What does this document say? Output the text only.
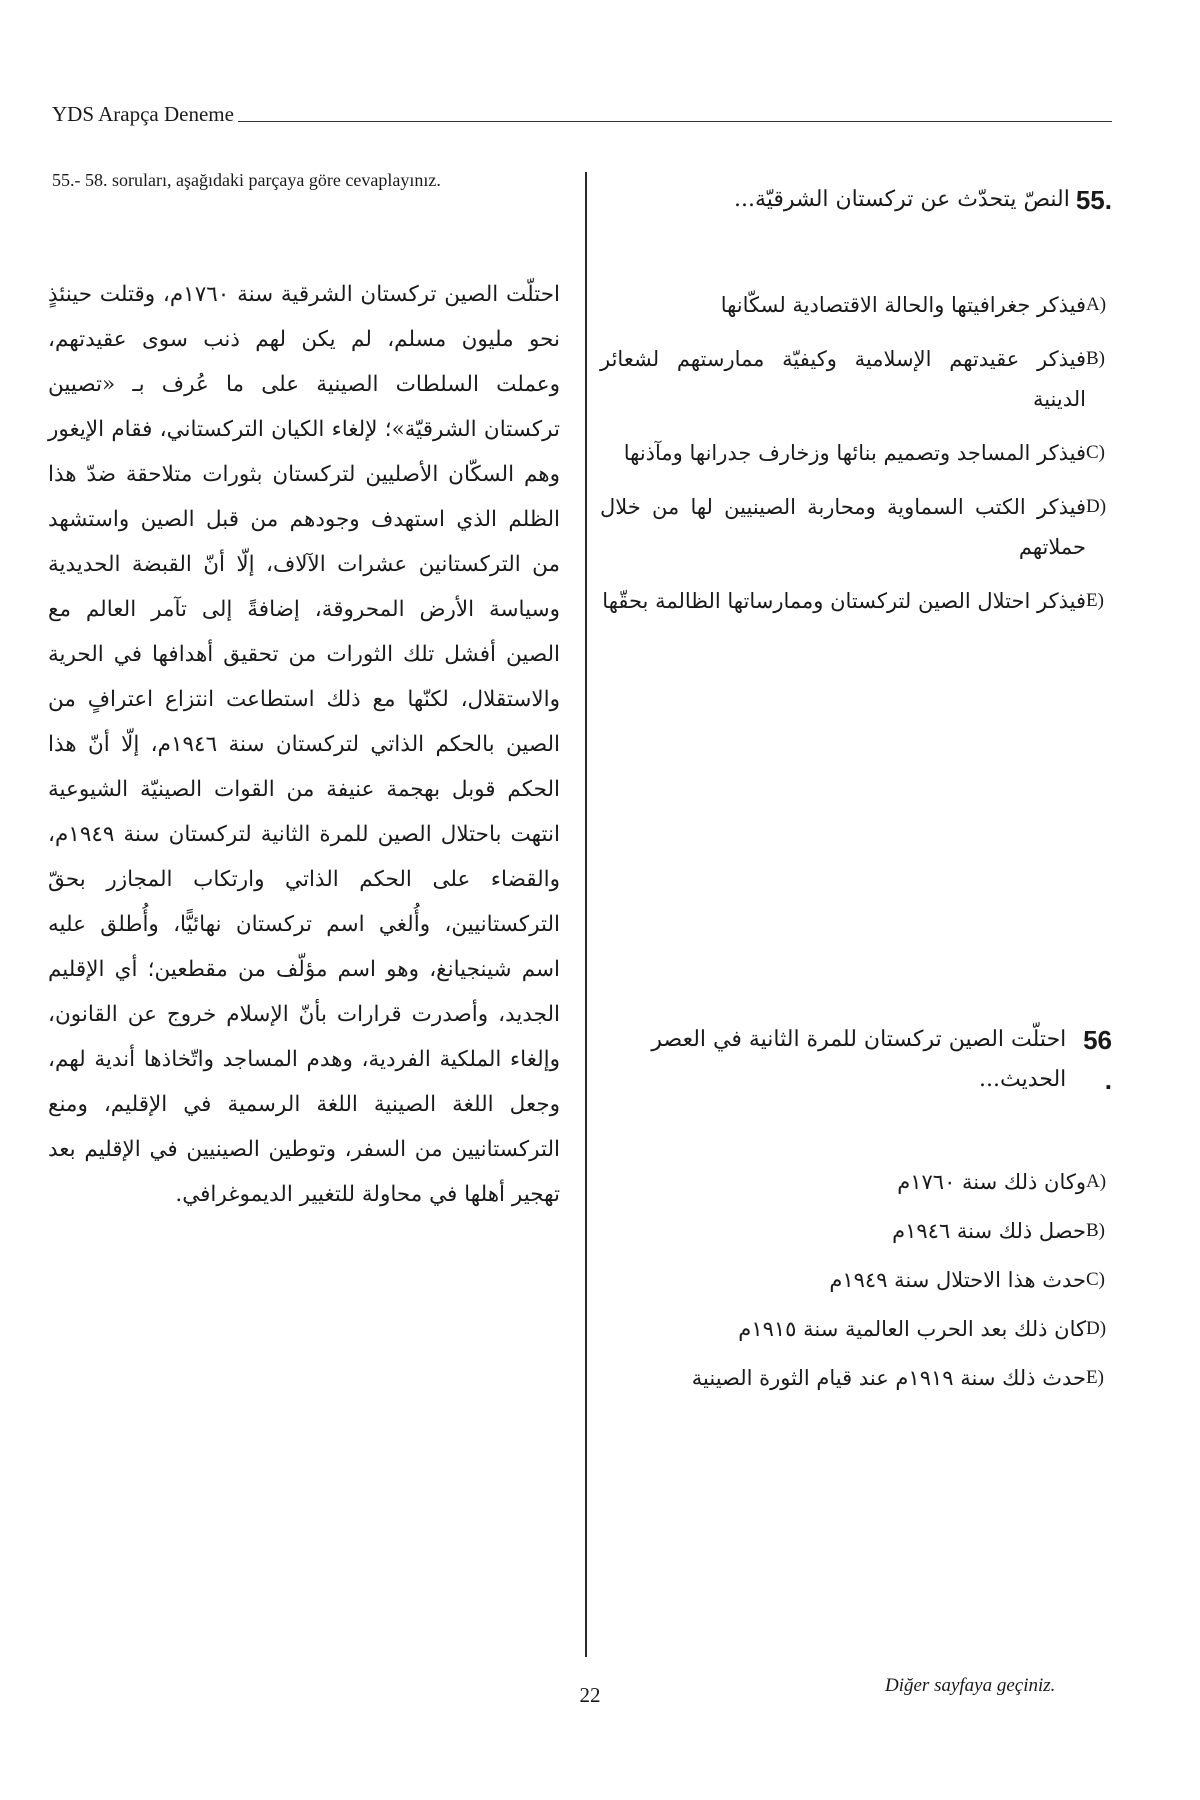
YDS Arapça Deneme
55.- 58. soruları, aşağıdaki parçaya göre cevaplayınız.
احتلّت الصين تركستان الشرقية سنة ١٧٦٠م، وقتلت حينئذٍ نحو مليون مسلم، لم يكن لهم ذنب سوى عقيدتهم، وعملت السلطات الصينية على ما عُرف بـ «تصيين تركستان الشرقيّة»؛ لإلغاء الكيان التركستاني، فقام الإيغور وهم السكّان الأصليين لتركستان بثورات متلاحقة ضدّ هذا الظلم الذي استهدف وجودهم من قبل الصين واستشهد من التركستانين عشرات الآلاف، إلّا أنّ القبضة الحديدية وسياسة الأرض المحروقة، إضافةً إلى تآمر العالم مع الصين أفشل تلك الثورات من تحقيق أهدافها في الحرية والاستقلال، لكنّها مع ذلك استطاعت انتزاع اعترافٍ من الصين بالحكم الذاتي لتركستان سنة ١٩٤٦م، إلّا أنّ هذا الحكم قوبل بهجمة عنيفة من القوات الصينيّة الشيوعية انتهت باحتلال الصين للمرة الثانية لتركستان سنة ١٩٤٩م، والقضاء على الحكم الذاتي وارتكاب المجازر بحقّ التركستانيين، وأُلغي اسم تركستان نهائيًّا، وأُطلق عليه اسم شينجيانغ، وهو اسم مؤلّف من مقطعين؛ أي الإقليم الجديد، وأصدرت قرارات بأنّ الإسلام خروج عن القانون، وإلغاء الملكية الفردية، وهدم المساجد واتّخاذها أندية لهم، وجعل اللغة الصينية اللغة الرسمية في الإقليم، ومنع التركستانيين من السفر، وتوطين الصينيين في الإقليم بعد تهجير أهلها في محاولة للتغيير الديموغرافي.
55.
النصّ يتحدّث عن تركستان الشرقيّة...
A)
فيذكر جغرافيتها والحالة الاقتصادية لسكّانها
B)
فيذكر عقيدتهم الإسلامية وكيفيّة ممارستهم لشعائر الدينية
C)
فيذكر المساجد وتصميم بنائها وزخارف جدرانها ومآذنها
D)
فيذكر الكتب السماوية ومحاربة الصينيين لها من خلال حملاتهم
E)
فيذكر احتلال الصين لتركستان وممارساتها الظالمة بحقّها
56 .
احتلّت الصين تركستان للمرة الثانية في العصر الحديث...
A)
وكان ذلك سنة ١٧٦٠م
B)
حصل ذلك سنة ١٩٤٦م
C)
حدث هذا الاحتلال سنة ١٩٤٩م
D)
كان ذلك بعد الحرب العالمية سنة ١٩١٥م
E)
حدث ذلك سنة ١٩١٩م عند قيام الثورة الصينية
22	Diğer sayfaya geçiniz.
